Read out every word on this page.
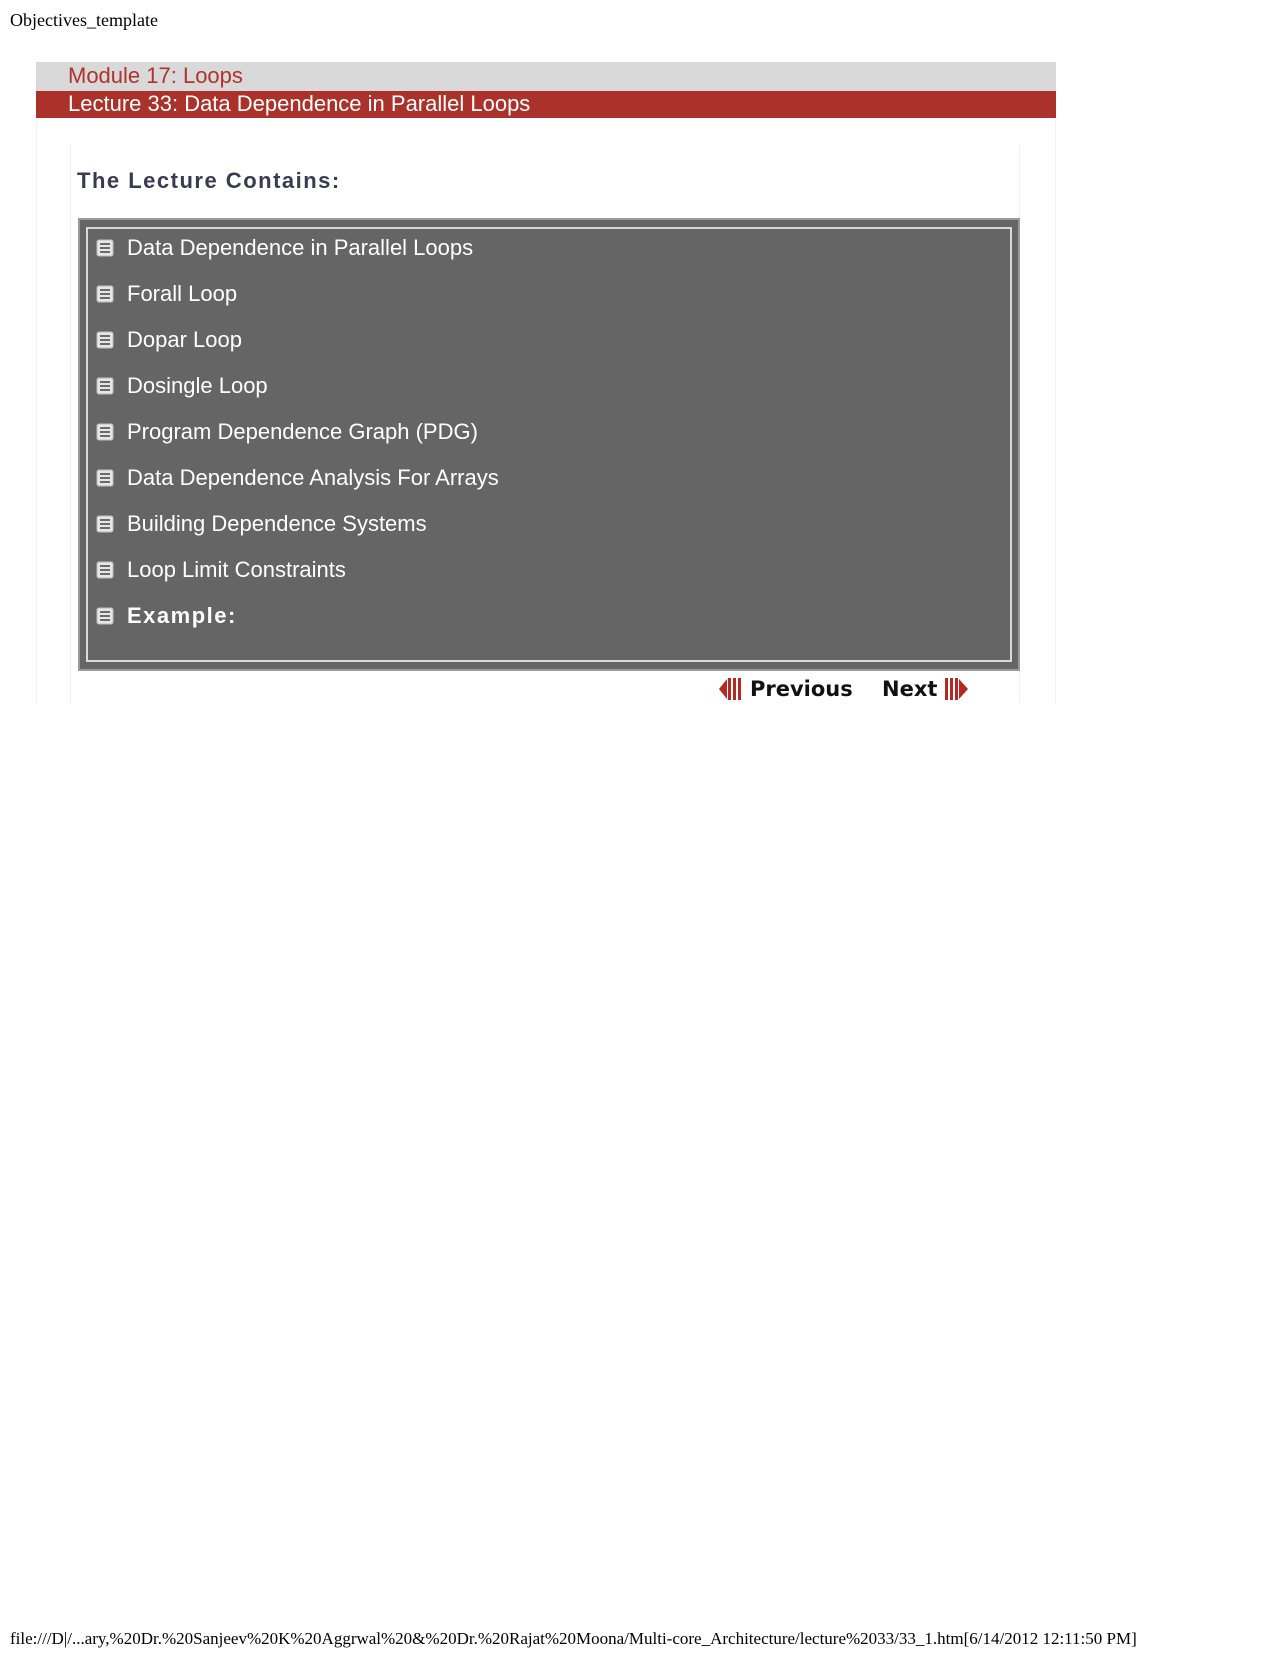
Objectives_template
Module 17: Loops
Lecture 33: Data Dependence in Parallel Loops
The Lecture Contains:
Data Dependence in Parallel Loops
Forall Loop
Dopar Loop
Dosingle Loop
Program Dependence Graph (PDG)
Data Dependence Analysis For Arrays
Building Dependence Systems
Loop Limit Constraints
Example:
Previous Next
file:///D|/...ary,%20Dr.%20Sanjeev%20K%20Aggrwal%20&%20Dr.%20Rajat%20Moona/Multi-core_Architecture/lecture%2033/33_1.htm[6/14/2012 12:11:50 PM]
